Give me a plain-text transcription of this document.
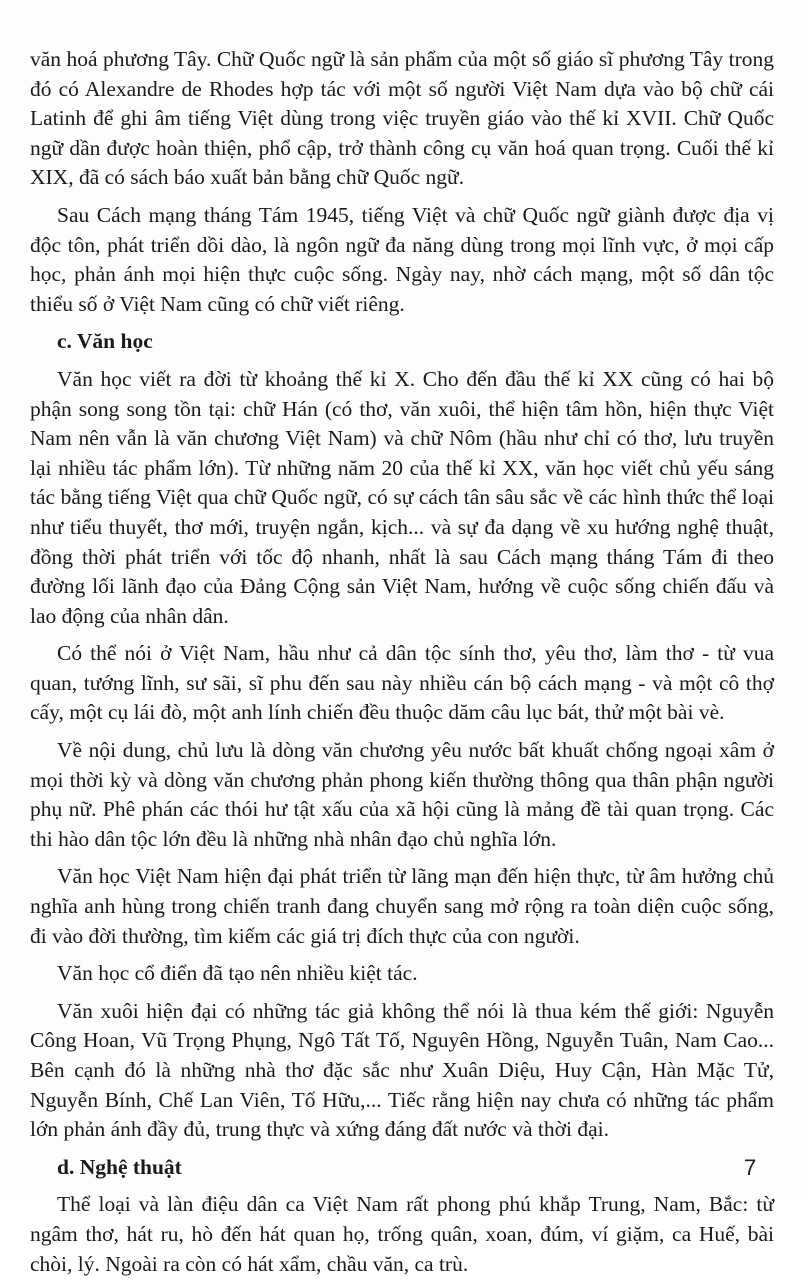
văn hoá phương Tây. Chữ Quốc ngữ là sản phẩm của một số giáo sĩ phương Tây trong đó có Alexandre de Rhodes hợp tác với một số người Việt Nam dựa vào bộ chữ cái Latinh để ghi âm tiếng Việt dùng trong việc truyền giáo vào thế kỉ XVII. Chữ Quốc ngữ dần được hoàn thiện, phổ cập, trở thành công cụ văn hoá quan trọng. Cuối thế kỉ XIX, đã có sách báo xuất bản bằng chữ Quốc ngữ.

Sau Cách mạng tháng Tám 1945, tiếng Việt và chữ Quốc ngữ giành được địa vị độc tôn, phát triển dồi dào, là ngôn ngữ đa năng dùng trong mọi lĩnh vực, ở mọi cấp học, phản ánh mọi hiện thực cuộc sống. Ngày nay, nhờ cách mạng, một số dân tộc thiểu số ở Việt Nam cũng có chữ viết riêng.

c. Văn học

Văn học viết ra đời từ khoảng thế kỉ X. Cho đến đầu thế kỉ XX cũng có hai bộ phận song song tồn tại: chữ Hán (có thơ, văn xuôi, thể hiện tâm hồn, hiện thực Việt Nam nên vẫn là văn chương Việt Nam) và chữ Nôm (hầu như chỉ có thơ, lưu truyền lại nhiều tác phẩm lớn). Từ những năm 20 của thế kỉ XX, văn học viết chủ yếu sáng tác bằng tiếng Việt qua chữ Quốc ngữ, có sự cách tân sâu sắc về các hình thức thể loại như tiểu thuyết, thơ mới, truyện ngắn, kịch... và sự đa dạng về xu hướng nghệ thuật, đồng thời phát triển với tốc độ nhanh, nhất là sau Cách mạng tháng Tám đi theo đường lối lãnh đạo của Đảng Cộng sản Việt Nam, hướng về cuộc sống chiến đấu và lao động của nhân dân.

Có thể nói ở Việt Nam, hầu như cả dân tộc sính thơ, yêu thơ, làm thơ - từ vua quan, tướng lĩnh, sư sãi, sĩ phu đến sau này nhiều cán bộ cách mạng - và một cô thợ cấy, một cụ lái đò, một anh lính chiến đều thuộc dăm câu lục bát, thử một bài vè.

Về nội dung, chủ lưu là dòng văn chương yêu nước bất khuất chống ngoại xâm ở mọi thời kỳ và dòng văn chương phản phong kiến thường thông qua thân phận người phụ nữ. Phê phán các thói hư tật xấu của xã hội cũng là mảng đề tài quan trọng. Các thi hào dân tộc lớn đều là những nhà nhân đạo chủ nghĩa lớn.

Văn học Việt Nam hiện đại phát triển từ lãng mạn đến hiện thực, từ âm hưởng chủ nghĩa anh hùng trong chiến tranh đang chuyển sang mở rộng ra toàn diện cuộc sống, đi vào đời thường, tìm kiếm các giá trị đích thực của con người.

Văn học cổ điển đã tạo nên nhiều kiệt tác.

Văn xuôi hiện đại có những tác giả không thể nói là thua kém thế giới: Nguyễn Công Hoan, Vũ Trọng Phụng, Ngô Tất Tố, Nguyên Hồng, Nguyễn Tuân, Nam Cao... Bên cạnh đó là những nhà thơ đặc sắc như Xuân Diệu, Huy Cận, Hàn Mặc Tử, Nguyễn Bính, Chế Lan Viên, Tố Hữu,... Tiếc rằng hiện nay chưa có những tác phẩm lớn phản ánh đầy đủ, trung thực và xứng đáng đất nước và thời đại.

d. Nghệ thuật

Thể loại và làn điệu dân ca Việt Nam rất phong phú khắp Trung, Nam, Bắc: từ ngâm thơ, hát ru, hò đến hát quan họ, trống quân, xoan, đúm, ví giặm, ca Huế, bài chòi, lý. Ngoài ra còn có hát xẩm, chầu văn, ca trù.

7
